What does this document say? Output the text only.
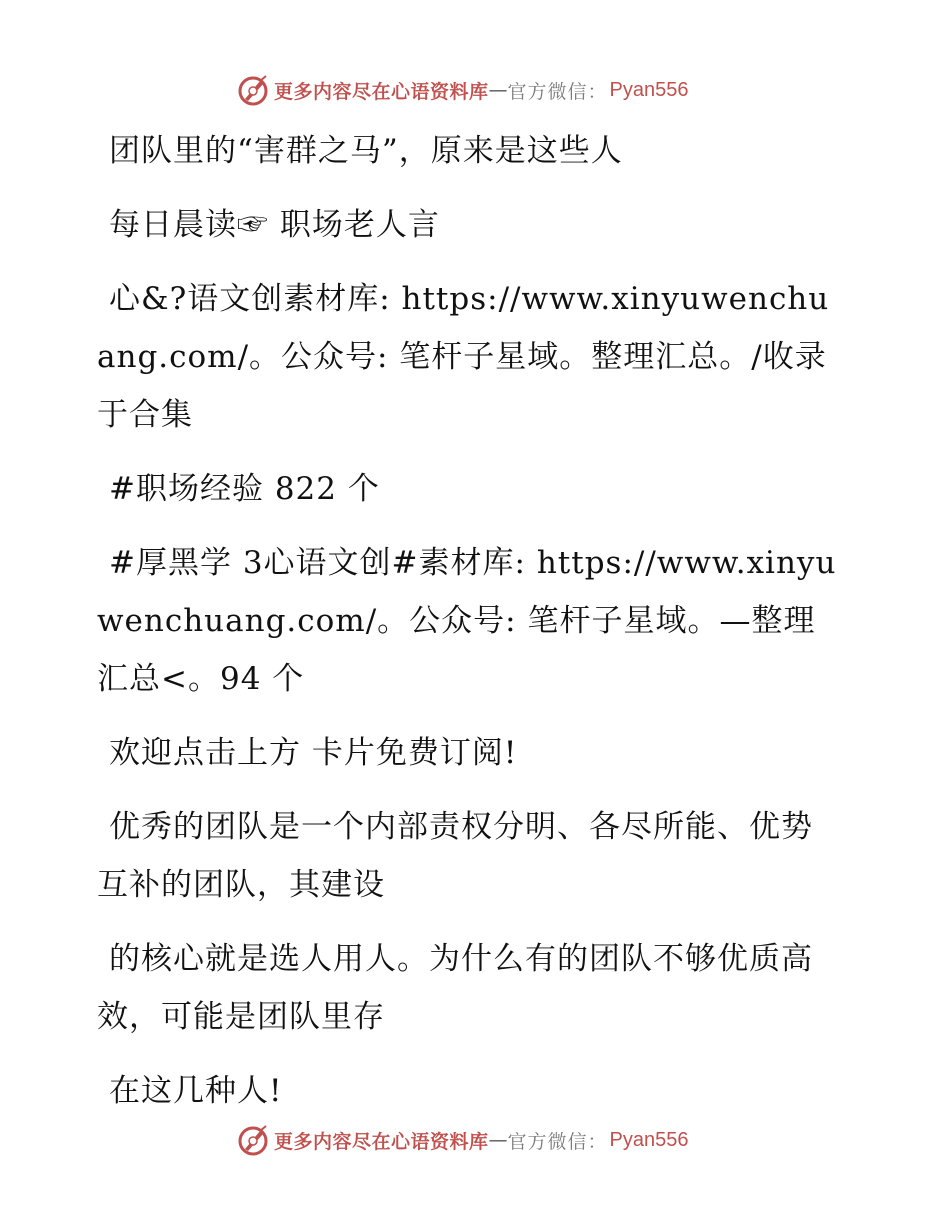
更多内容尽在心语资料库 — 官方微信： Pyan556

团队里的“害群之马”，原来是这些人

每日晨读☞ 职场老人言

心&?语文创素材库: https://www.xinyuwenchuang.com/。公众号: 笔杆子星域。整理汇总。/收录于合集

#职场经验 822 个

#厚黑学 3心语文创#素材库: https://www.xinyuwenchuang.com/。公众号: 笔杆子星域。—整理汇总<。94 个

欢迎点击上方 卡片免费订阅!

优秀的团队是一个内部责权分明、各尽所能、优势互补的团队，其建设

的核心就是选人用人。为什么有的团队不够优质高效，可能是团队里存

在这几种人!

更多内容尽在心语资料库 — 官方微信： Pyan556
